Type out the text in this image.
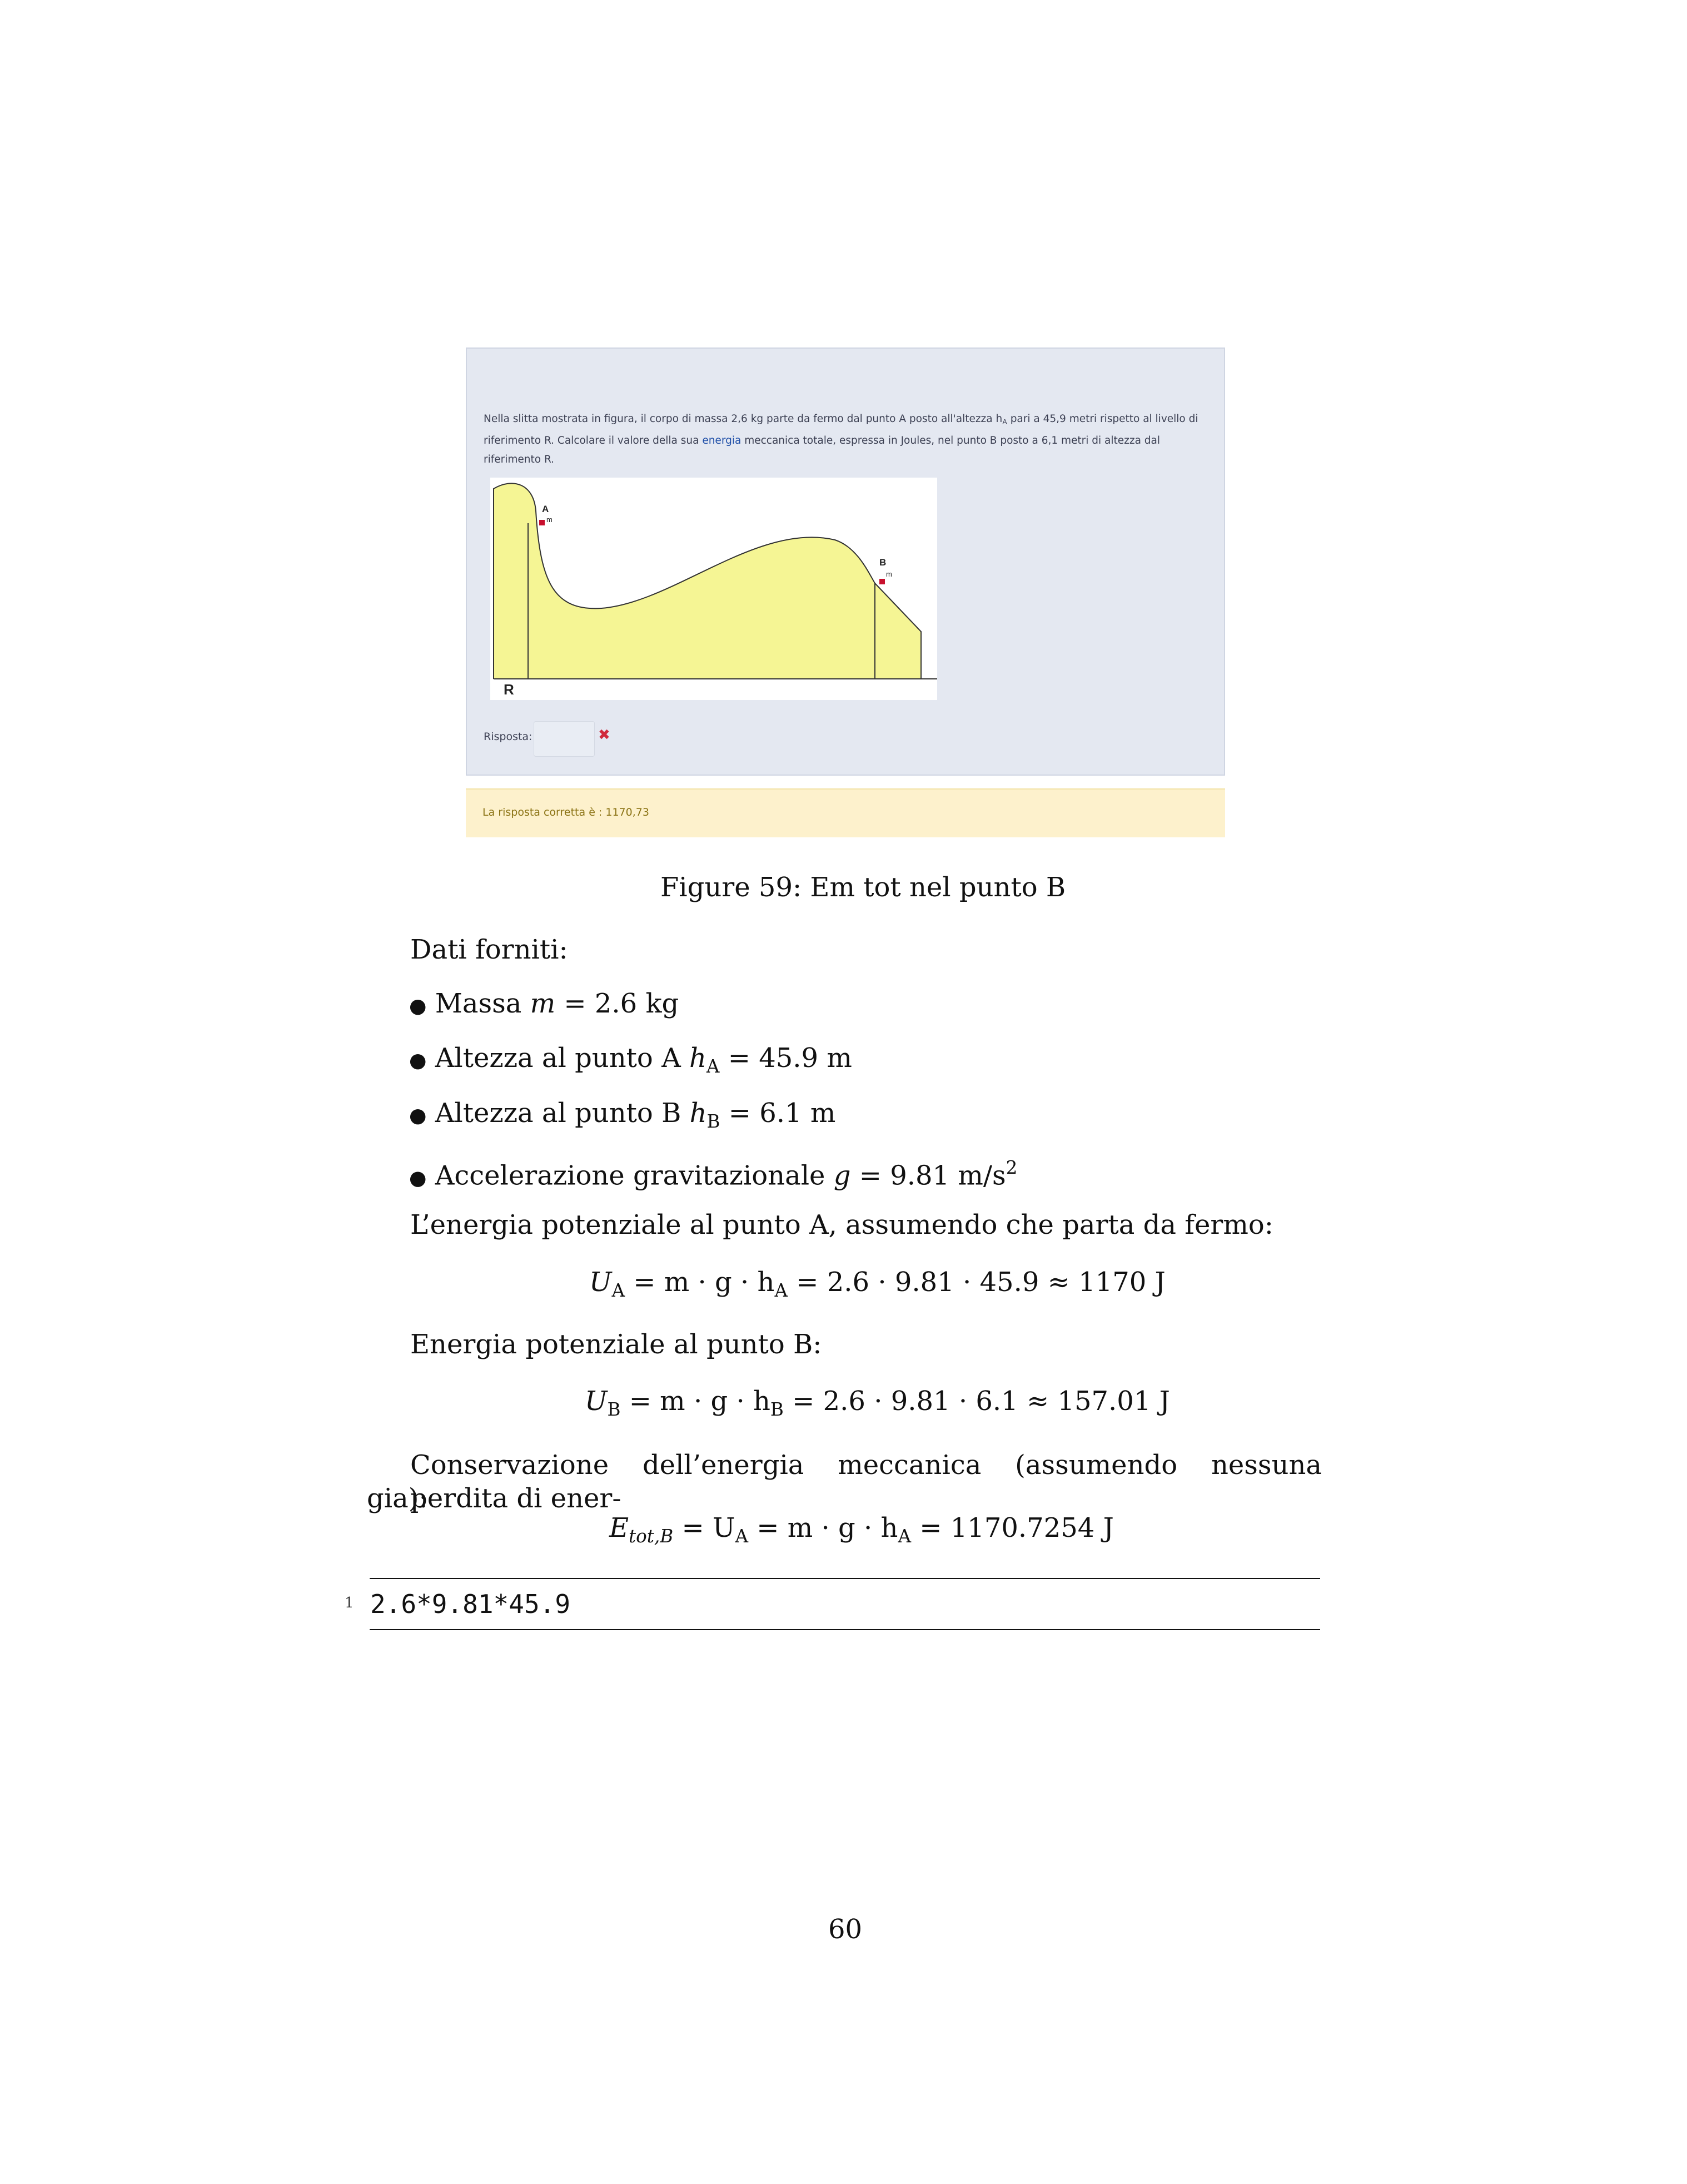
Nella slitta mostrata in figura, il corpo di massa 2,6 kg parte da fermo dal punto A posto all'altezza $h_A$ pari a 45,9 metri rispetto al livello di riferimento R. Calcolare il valore della sua energia meccanica totale, espressa in Joules, nel punto B posto a 6,1 metri di altezza dal riferimento R.
A
m
B
m
R
Risposta:	✖
La risposta corretta è : 1170,73
Figure 59: Em tot nel punto B
Dati forniti:
● Massa m = 2.6 kg
● Altezza al punto A $h_A = 45.9$ m
● Altezza al punto B $h_B = 6.1$ m
● Accelerazione gravitazionale g = 9.81 $m/s^2$
L’energia potenziale al punto A, assumendo che parta da fermo:
$U_A = m \cdot g \cdot h_A = 2.6 \cdot 9.81 \cdot 45.9 \approx 1170$ J
Energia potenziale al punto B:
$U_B = m \cdot g \cdot h_B = 2.6 \cdot 9.81 \cdot 6.1 \approx 157.01$ J
Conservazione dell’energia meccanica (assumendo nessuna perdita di ener-
gia):
$E_{tot,B} = U_A = m \cdot g \cdot h_A = 1170.7254$ J
1 2.6*9.81*45.9
60
